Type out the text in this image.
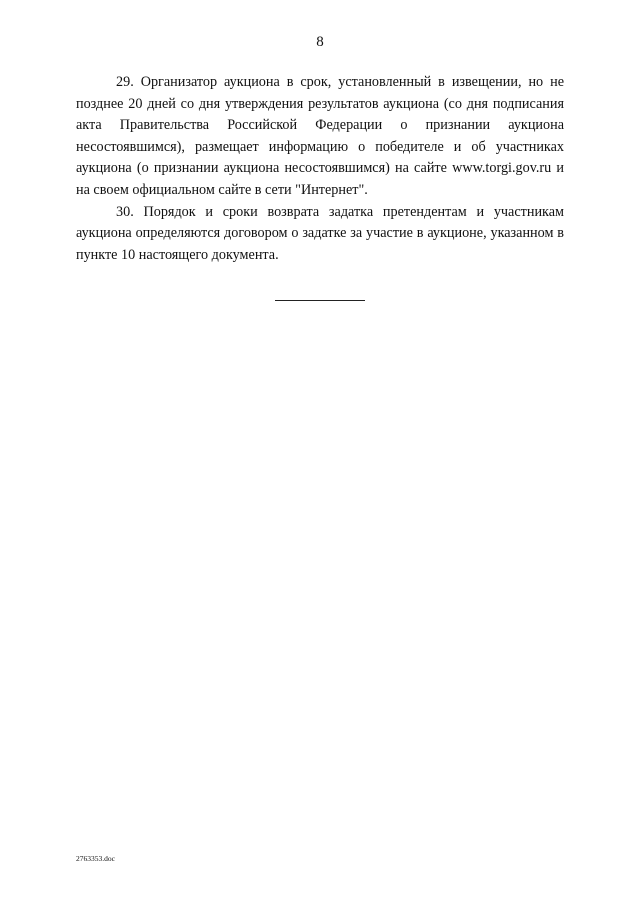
8

29. Организатор аукциона в срок, установленный в извещении, но не позднее 20 дней со дня утверждения результатов аукциона (со дня подписания акта Правительства Российской Федерации о признании аукциона несостоявшимся), размещает информацию о победителе и об участниках аукциона (о признании аукциона несостоявшимся) на сайте www.torgi.gov.ru и на своем официальном сайте в сети "Интернет".

30. Порядок и сроки возврата задатка претендентам и участникам аукциона определяются договором о задатке за участие в аукционе, указанном в пункте 10 настоящего документа.

2763353.doc
